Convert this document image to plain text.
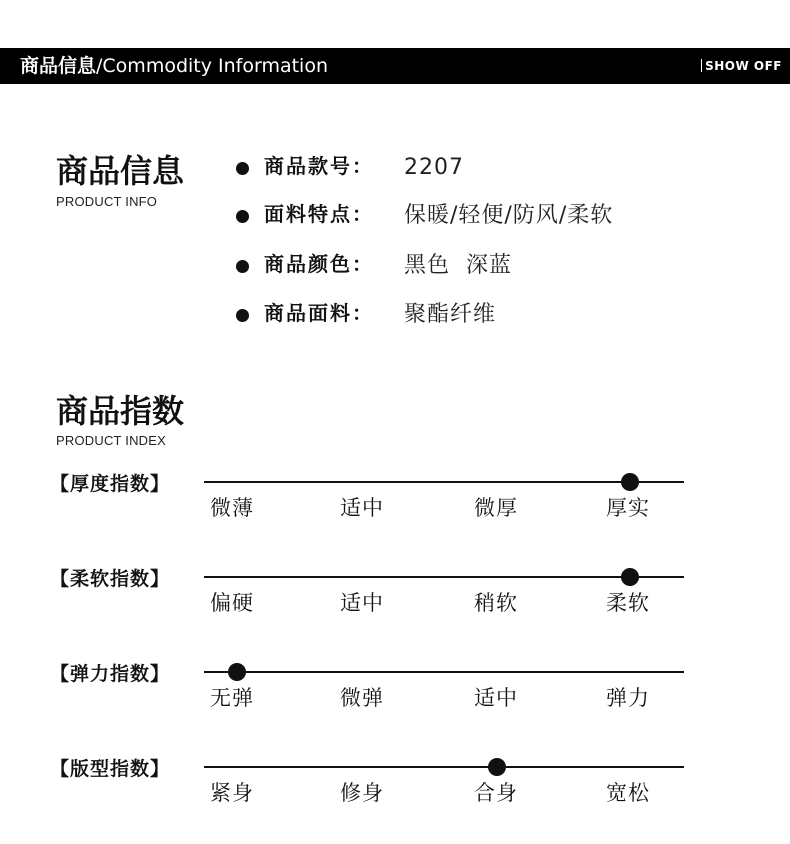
商品信息/Commodity Information	SHOW OFF
商品信息
PRODUCT INFO
商品款号： 2207
面料特点： 保暖/轻便/防风/柔软
商品颜色： 黑色  深蓝
商品面料： 聚酯纤维
商品指数
PRODUCT INDEX
【厚度指数】
微薄	适中	微厚	厚实
【柔软指数】
偏硬	适中	稍软	柔软
【弹力指数】
无弹	微弹	适中	弹力
【版型指数】
紧身	修身	合身	宽松
